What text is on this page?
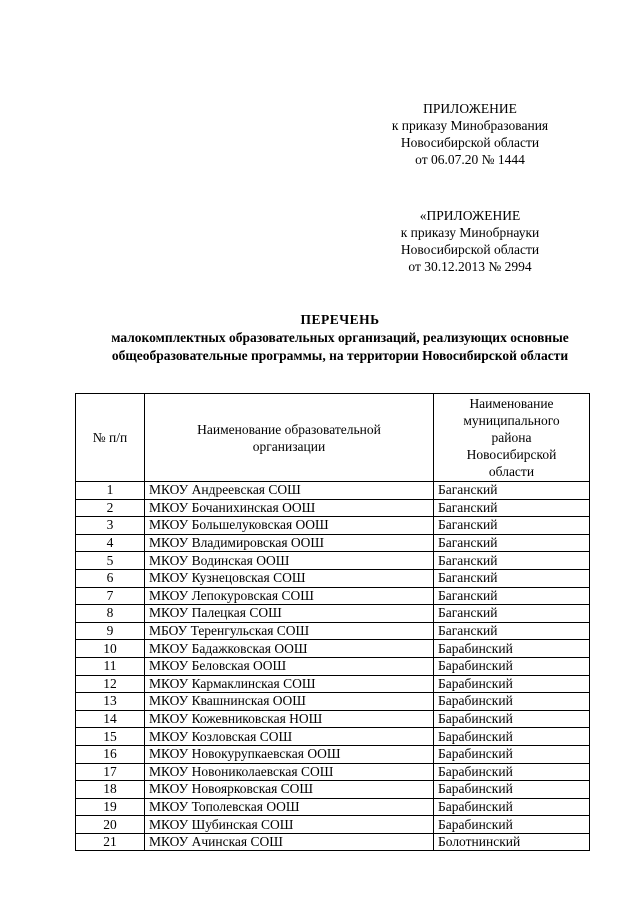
ПРИЛОЖЕНИЕ
к приказу Минобразования
Новосибирской области
от 06.07.20 № 1444
«ПРИЛОЖЕНИЕ
к приказу Минобрнауки
Новосибирской области
от 30.12.2013 № 2994
ПЕРЕЧЕНЬ
малокомплектных образовательных организаций, реализующих основные
общеобразовательные программы, на территории Новосибирской области
№ п/п	Наименование образовательной организации	Наименование муниципального района Новосибирской области
1	МКОУ Андреевская СОШ	Баганский
2	МКОУ Бочанихинская ООШ	Баганский
3	МКОУ Большелуковская ООШ	Баганский
4	МКОУ Владимировская ООШ	Баганский
5	МКОУ Водинская ООШ	Баганский
6	МКОУ Кузнецовская СОШ	Баганский
7	МКОУ Лепокуровская СОШ	Баганский
8	МКОУ Палецкая СОШ	Баганский
9	МБОУ Теренгульская СОШ	Баганский
10	МКОУ Бадажковская ООШ	Барабинский
11	МКОУ Беловская ООШ	Барабинский
12	МКОУ Кармаклинская СОШ	Барабинский
13	МКОУ Квашнинская ООШ	Барабинский
14	МКОУ Кожевниковская НОШ	Барабинский
15	МКОУ Козловская СОШ	Барабинский
16	МКОУ Новокурупкаевская ООШ	Барабинский
17	МКОУ Новониколаевская СОШ	Барабинский
18	МКОУ Новоярковская СОШ	Барабинский
19	МКОУ Тополевская ООШ	Барабинский
20	МКОУ Шубинская СОШ	Барабинский
21	МКОУ Ачинская СОШ	Болотнинский
